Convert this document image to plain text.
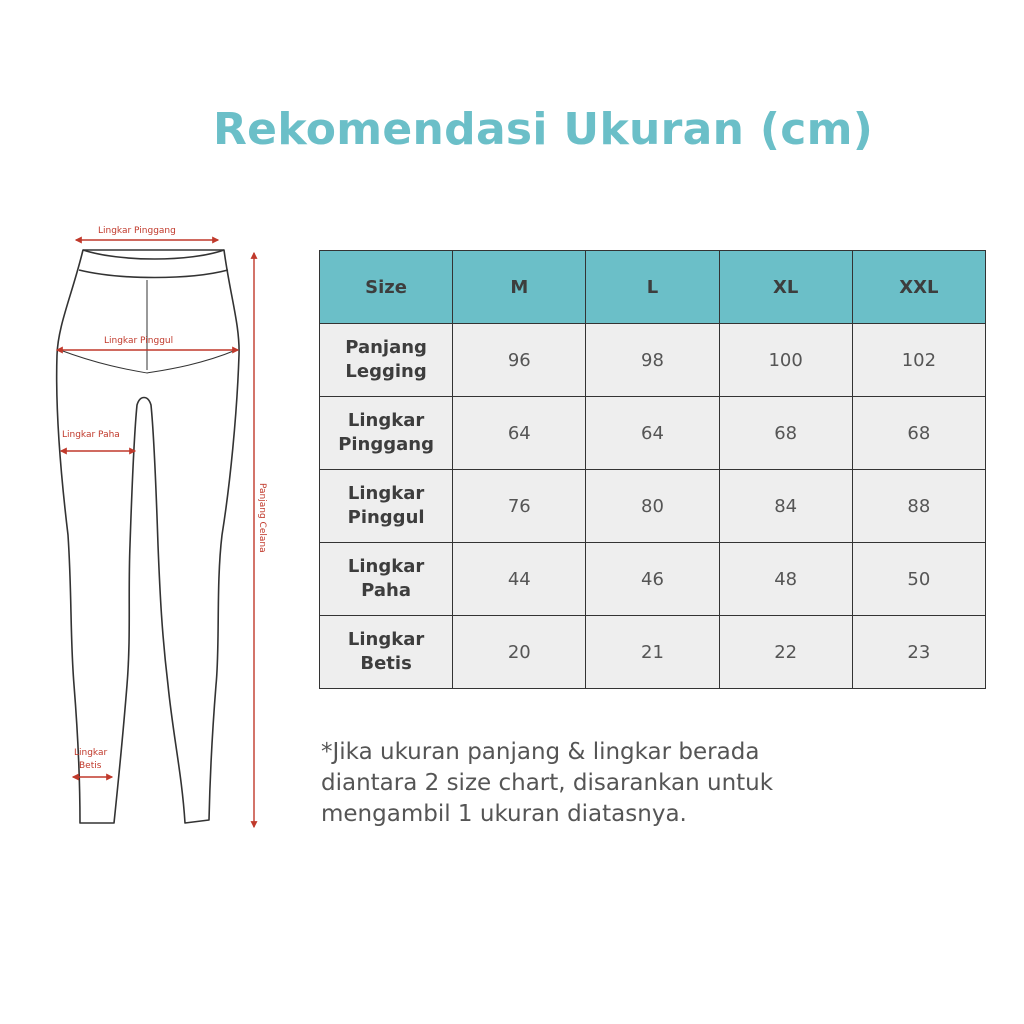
Rekomendasi Ukuran (cm)
Lingkar Pinggang
Lingkar Pinggul
Lingkar Paha
Lingkar
Betis
Panjang Celana
Size	M	L	XL	XXL
Panjang
Legging	96	98	100	102
Lingkar
Pinggang	64	64	68	68
Lingkar
Pinggul	76	80	84	88
Lingkar
Paha	44	46	48	50
Lingkar
Betis	20	21	22	23

*Jika ukuran panjang & lingkar berada
diantara 2 size chart, disarankan untuk
mengambil 1 ukuran diatasnya.
